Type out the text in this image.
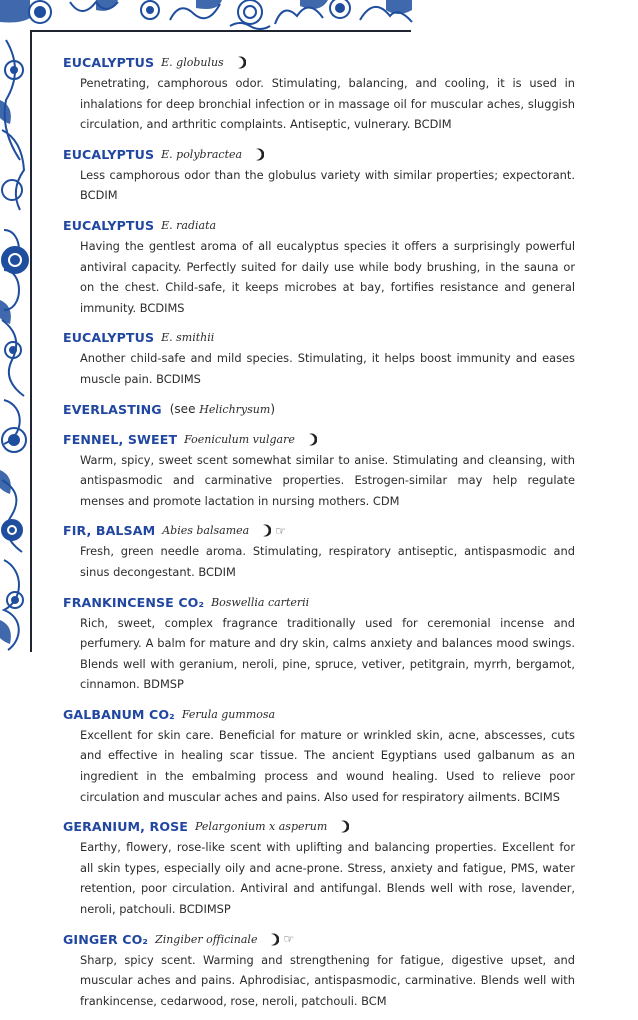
EUCALYPTUS E. globulus

Penetrating, camphorous odor. Stimulating, balancing, and cooling, it is used in inhalations for deep bronchial infection or in massage oil for muscular aches, sluggish circulation, and arthritic complaints. Antiseptic, vulnerary. BCDIM

EUCALYPTUS E. polybractea

Less camphorous odor than the globulus variety with similar properties; expectorant. BCDIM

EUCALYPTUS E. radiata

Having the gentlest aroma of all eucalyptus species it offers a surprisingly powerful antiviral capacity. Perfectly suited for daily use while body brushing, in the sauna or on the chest. Child-safe, it keeps microbes at bay, fortifies resistance and general immunity. BCDIMS

EUCALYPTUS E. smithii

Another child-safe and mild species. Stimulating, it helps boost immunity and eases muscle pain. BCDIMS

EVERLASTING (see Helichrysum)
FENNEL, SWEET Foeniculum vulgare

Warm, spicy, sweet scent somewhat similar to anise. Stimulating and cleansing, with antispasmodic and carminative properties. Estrogen-similar may help regulate menses and promote lactation in nursing mothers. CDM

FIR, BALSAM Abies balsamea ☞

Fresh, green needle aroma. Stimulating, respiratory antiseptic, antispasmodic and sinus decongestant. BCDIM

FRANKINCENSE CO₂ Boswellia carterii

Rich, sweet, complex fragrance traditionally used for ceremonial incense and perfumery. A balm for mature and dry skin, calms anxiety and balances mood swings. Blends well with geranium, neroli, pine, spruce, vetiver, petitgrain, myrrh, bergamot, cinnamon. BDMSP

GALBANUM CO₂ Ferula gummosa

Excellent for skin care. Beneficial for mature or wrinkled skin, acne, abscesses, cuts and effective in healing scar tissue. The ancient Egyptians used galbanum as an ingredient in the embalming process and wound healing. Used to relieve poor circulation and muscular aches and pains. Also used for respiratory ailments. BCIMS

GERANIUM, ROSE Pelargonium x asperum

Earthy, flowery, rose-like scent with uplifting and balancing properties. Excellent for all skin types, especially oily and acne-prone. Stress, anxiety and fatigue, PMS, water retention, poor circulation. Antiviral and antifungal. Blends well with rose, lavender, neroli, patchouli. BCDIMSP

GINGER CO₂ Zingiber officinale ☞

Sharp, spicy scent. Warming and strengthening for fatigue, digestive upset, and muscular aches and pains. Aphrodisiac, antispasmodic, carminative. Blends well with frankincense, cedarwood, rose, neroli, patchouli. BCM
